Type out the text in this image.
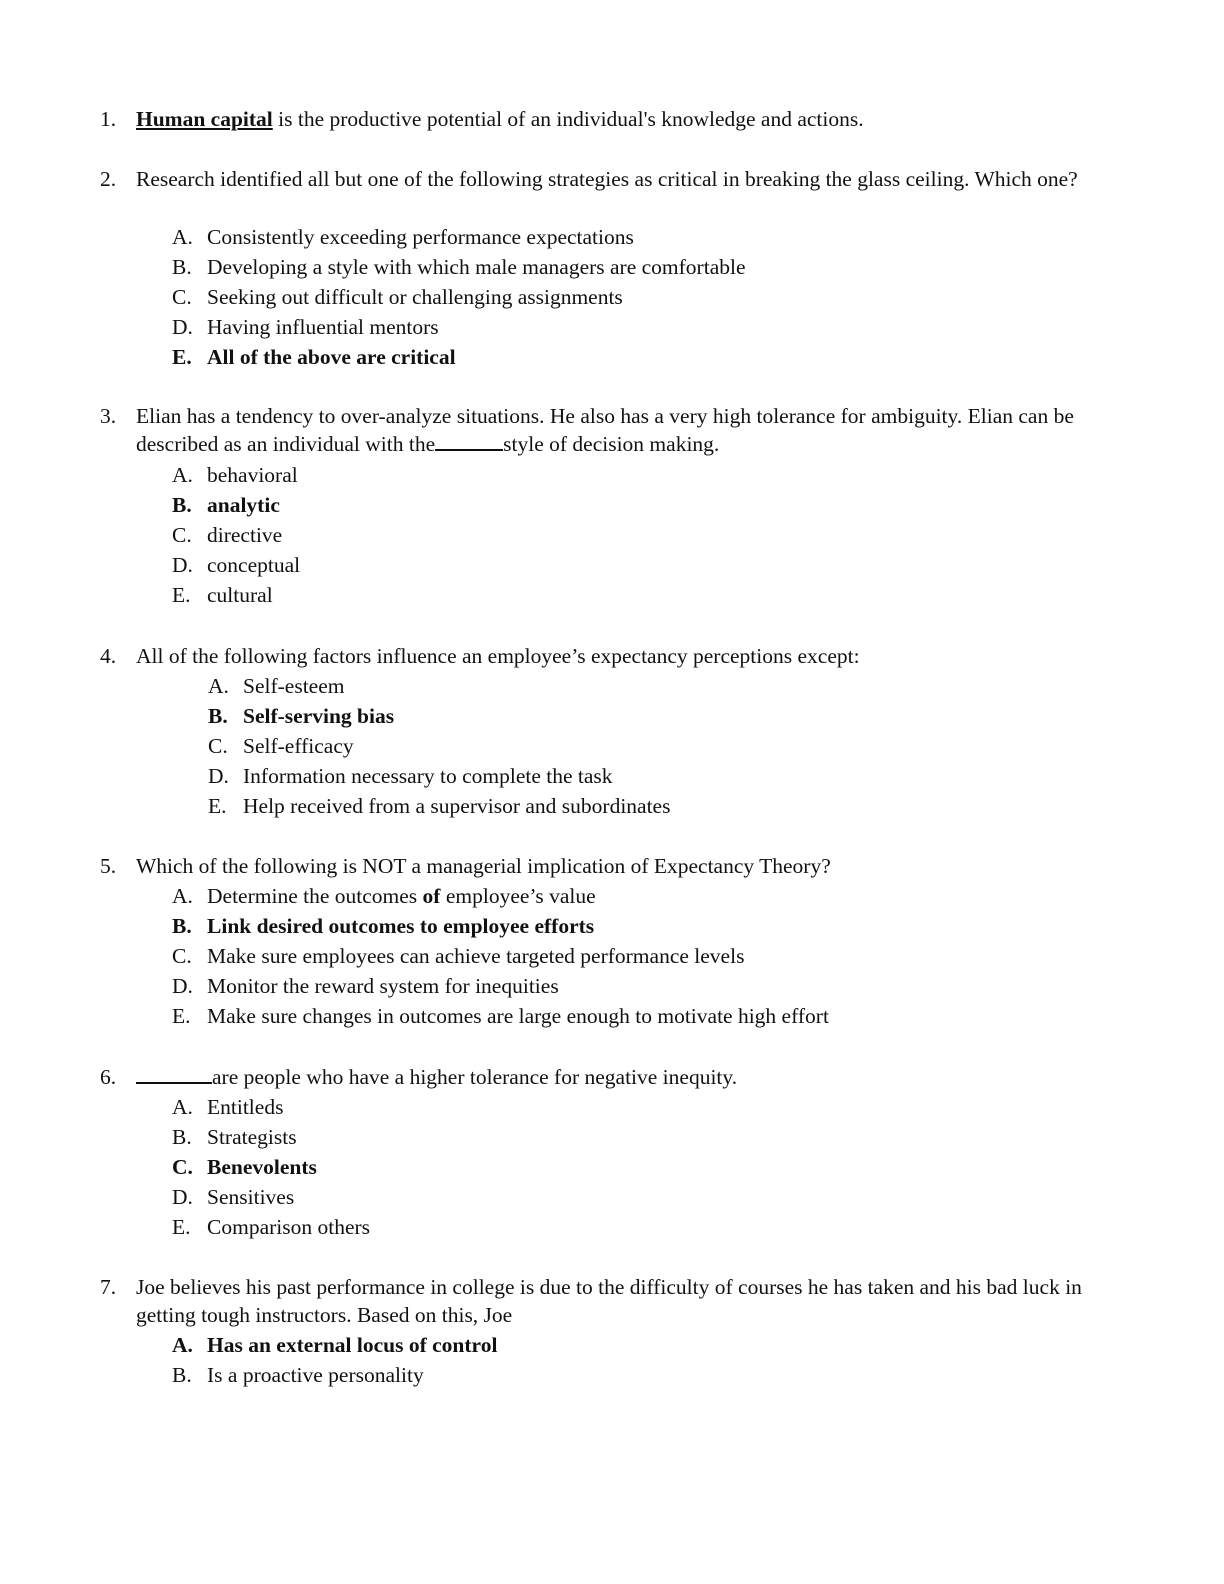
1. Human capital is the productive potential of an individual's knowledge and actions.
2. Research identified all but one of the following strategies as critical in breaking the glass ceiling. Which one?
A. Consistently exceeding performance expectations
B. Developing a style with which male managers are comfortable
C. Seeking out difficult or challenging assignments
D. Having influential mentors
E. All of the above are critical
3. Elian has a tendency to over-analyze situations. He also has a very high tolerance for ambiguity. Elian can be described as an individual with the	style of decision making.
A. behavioral
B. analytic
C. directive
D. conceptual
E. cultural
4. All of the following factors influence an employee’s expectancy perceptions except:
A. Self-esteem
B. Self-serving bias
C. Self-efficacy
D. Information necessary to complete the task
E. Help received from a supervisor and subordinates
5. Which of the following is NOT a managerial implication of Expectancy Theory?
A. Determine the outcomes of employee’s value
B. Link desired outcomes to employee efforts
C. Make sure employees can achieve targeted performance levels
D. Monitor the reward system for inequities
E. Make sure changes in outcomes are large enough to motivate high effort
6.	are people who have a higher tolerance for negative inequity.
A. Entitleds
B. Strategists
C. Benevolents
D. Sensitives
E. Comparison others
7. Joe believes his past performance in college is due to the difficulty of courses he has taken and his bad luck in getting tough instructors. Based on this, Joe
A. Has an external locus of control
B. Is a proactive personality
